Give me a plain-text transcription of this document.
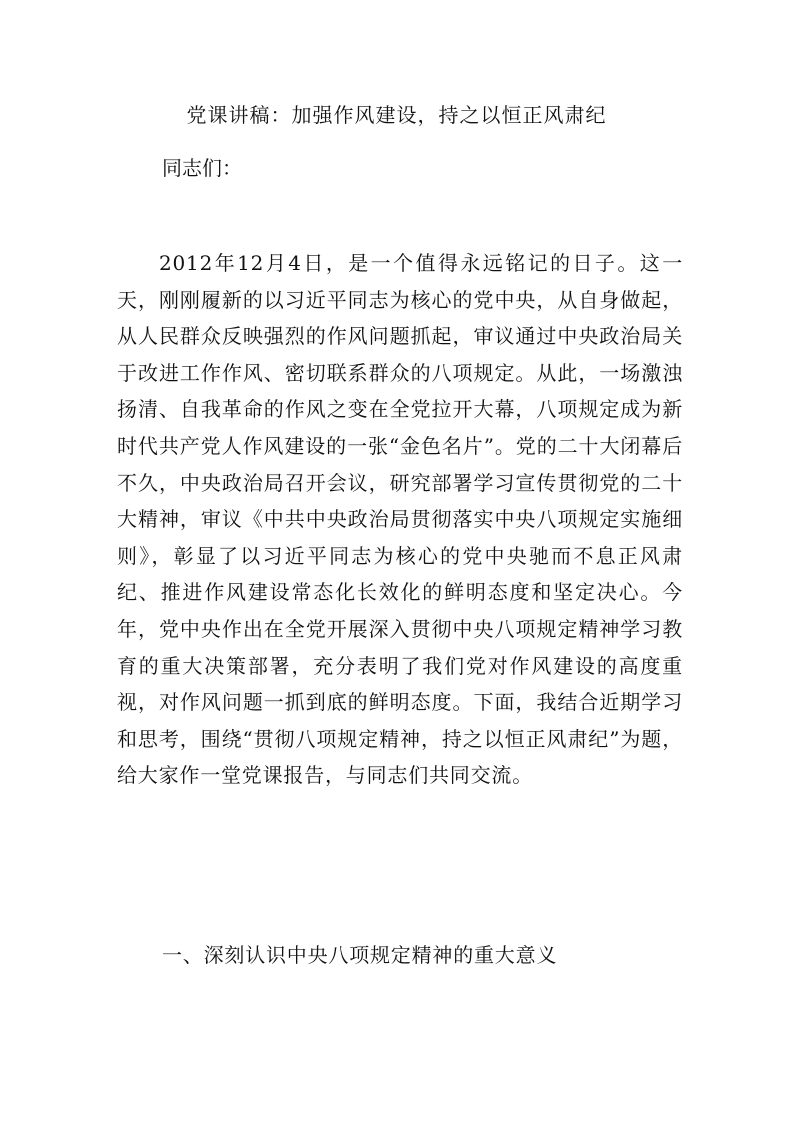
党课讲稿：加强作风建设，持之以恒正风肃纪

同志们：

2012年12月4日，是一个值得永远铭记的日子。这一天，刚刚履新的以习近平同志为核心的党中央，从自身做起，从人民群众反映强烈的作风问题抓起，审议通过中央政治局关于改进工作作风、密切联系群众的八项规定。从此，一场激浊扬清、自我革命的作风之变在全党拉开大幕，八项规定成为新时代共产党人作风建设的一张“金色名片”。党的二十大闭幕后不久，中央政治局召开会议，研究部署学习宣传贯彻党的二十大精神，审议《中共中央政治局贯彻落实中央八项规定实施细则》，彰显了以习近平同志为核心的党中央驰而不息正风肃纪、推进作风建设常态化长效化的鲜明态度和坚定决心。今年，党中央作出在全党开展深入贯彻中央八项规定精神学习教育的重大决策部署，充分表明了我们党对作风建设的高度重视，对作风问题一抓到底的鲜明态度。下面，我结合近期学习和思考，围绕“贯彻八项规定精神，持之以恒正风肃纪”为题，给大家作一堂党课报告，与同志们共同交流。

一、深刻认识中央八项规定精神的重大意义
